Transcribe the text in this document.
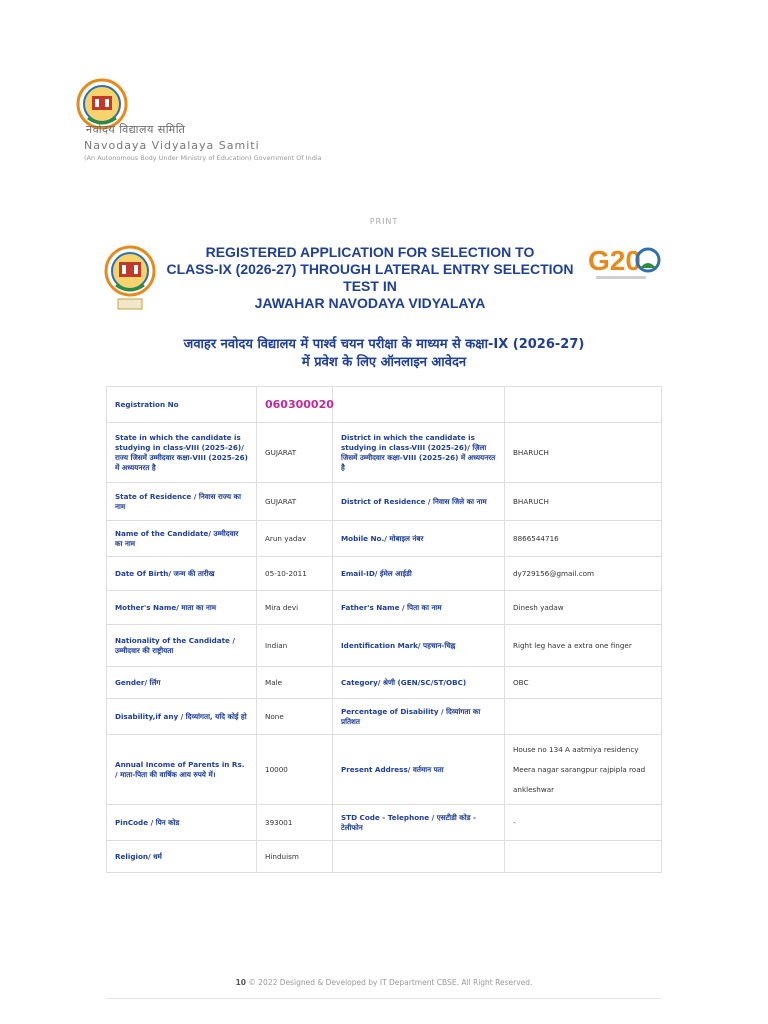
नवोदय विद्यालय समिति
Navodaya Vidyalaya Samiti
(An Autonomous Body Under Ministry of Education) Government Of India
PRINT
G20
REGISTERED APPLICATION FOR SELECTION TO
CLASS-IX (2026-27) THROUGH LATERAL ENTRY SELECTION
TEST IN
JAWAHAR NAVODAYA VIDYALAYA
जवाहर नवोदय विद्यालय में पार्श्व चयन परीक्षा के माध्यम से कक्षा-IX (2026-27)
में प्रवेश के लिए ऑनलाइन आवेदन
Registration No	060300020		
State in which the candidate is studying in class-VIII (2025-26)/ राज्य जिसमें उम्मीदवार कक्षा-VIII (2025-26) में अध्ययनरत है	GUJARAT	District in which the candidate is studying in class-VIII (2025-26)/ ज़िला जिसमें उम्मीदवार कक्षा-VIII (2025-26) में अध्ययनरत है	BHARUCH
State of Residence / निवास राज्य का नाम	GUJARAT	District of Residence / निवास जिले का नाम	BHARUCH
Name of the Candidate/ उम्मीदवार का नाम	Arun yadav	Mobile No./ मोबाइल नंबर	8866544716
Date Of Birth/ जन्म की तारीख	05-10-2011	Email-ID/ ईमेल आईडी	dy729156@gmail.com
Mother's Name/ माता का नाम	Mira devi	Father's Name / पिता का नाम	Dinesh yadaw
Nationality of the Candidate / उम्मीदवार की राष्ट्रीयता	Indian	Identification Mark/ पहचान-चिह्न	Right leg have a extra one finger
Gender/ लिंग	Male	Category/ श्रेणी (GEN/SC/ST/OBC)	OBC
Disability,if any / दिव्यांगता, यदि कोई हो	None	Percentage of Disability / दिव्यांगता का प्रतिशत	
Annual Income of Parents in Rs. / माता-पिता की वार्षिक आय रुपये में।	10000	Present Address/ वर्तमान पता	House no 134 A aatmiya residency
Meera nagar sarangpur rajpipla road
ankleshwar

PinCode / पिन कोड	393001	STD Code - Telephone / एसटीडी कोड - टेलीफोन	-
Religion/ धर्म	Hinduism		
10 © 2022 Designed & Developed by IT Department CBSE. All Right Reserved.
